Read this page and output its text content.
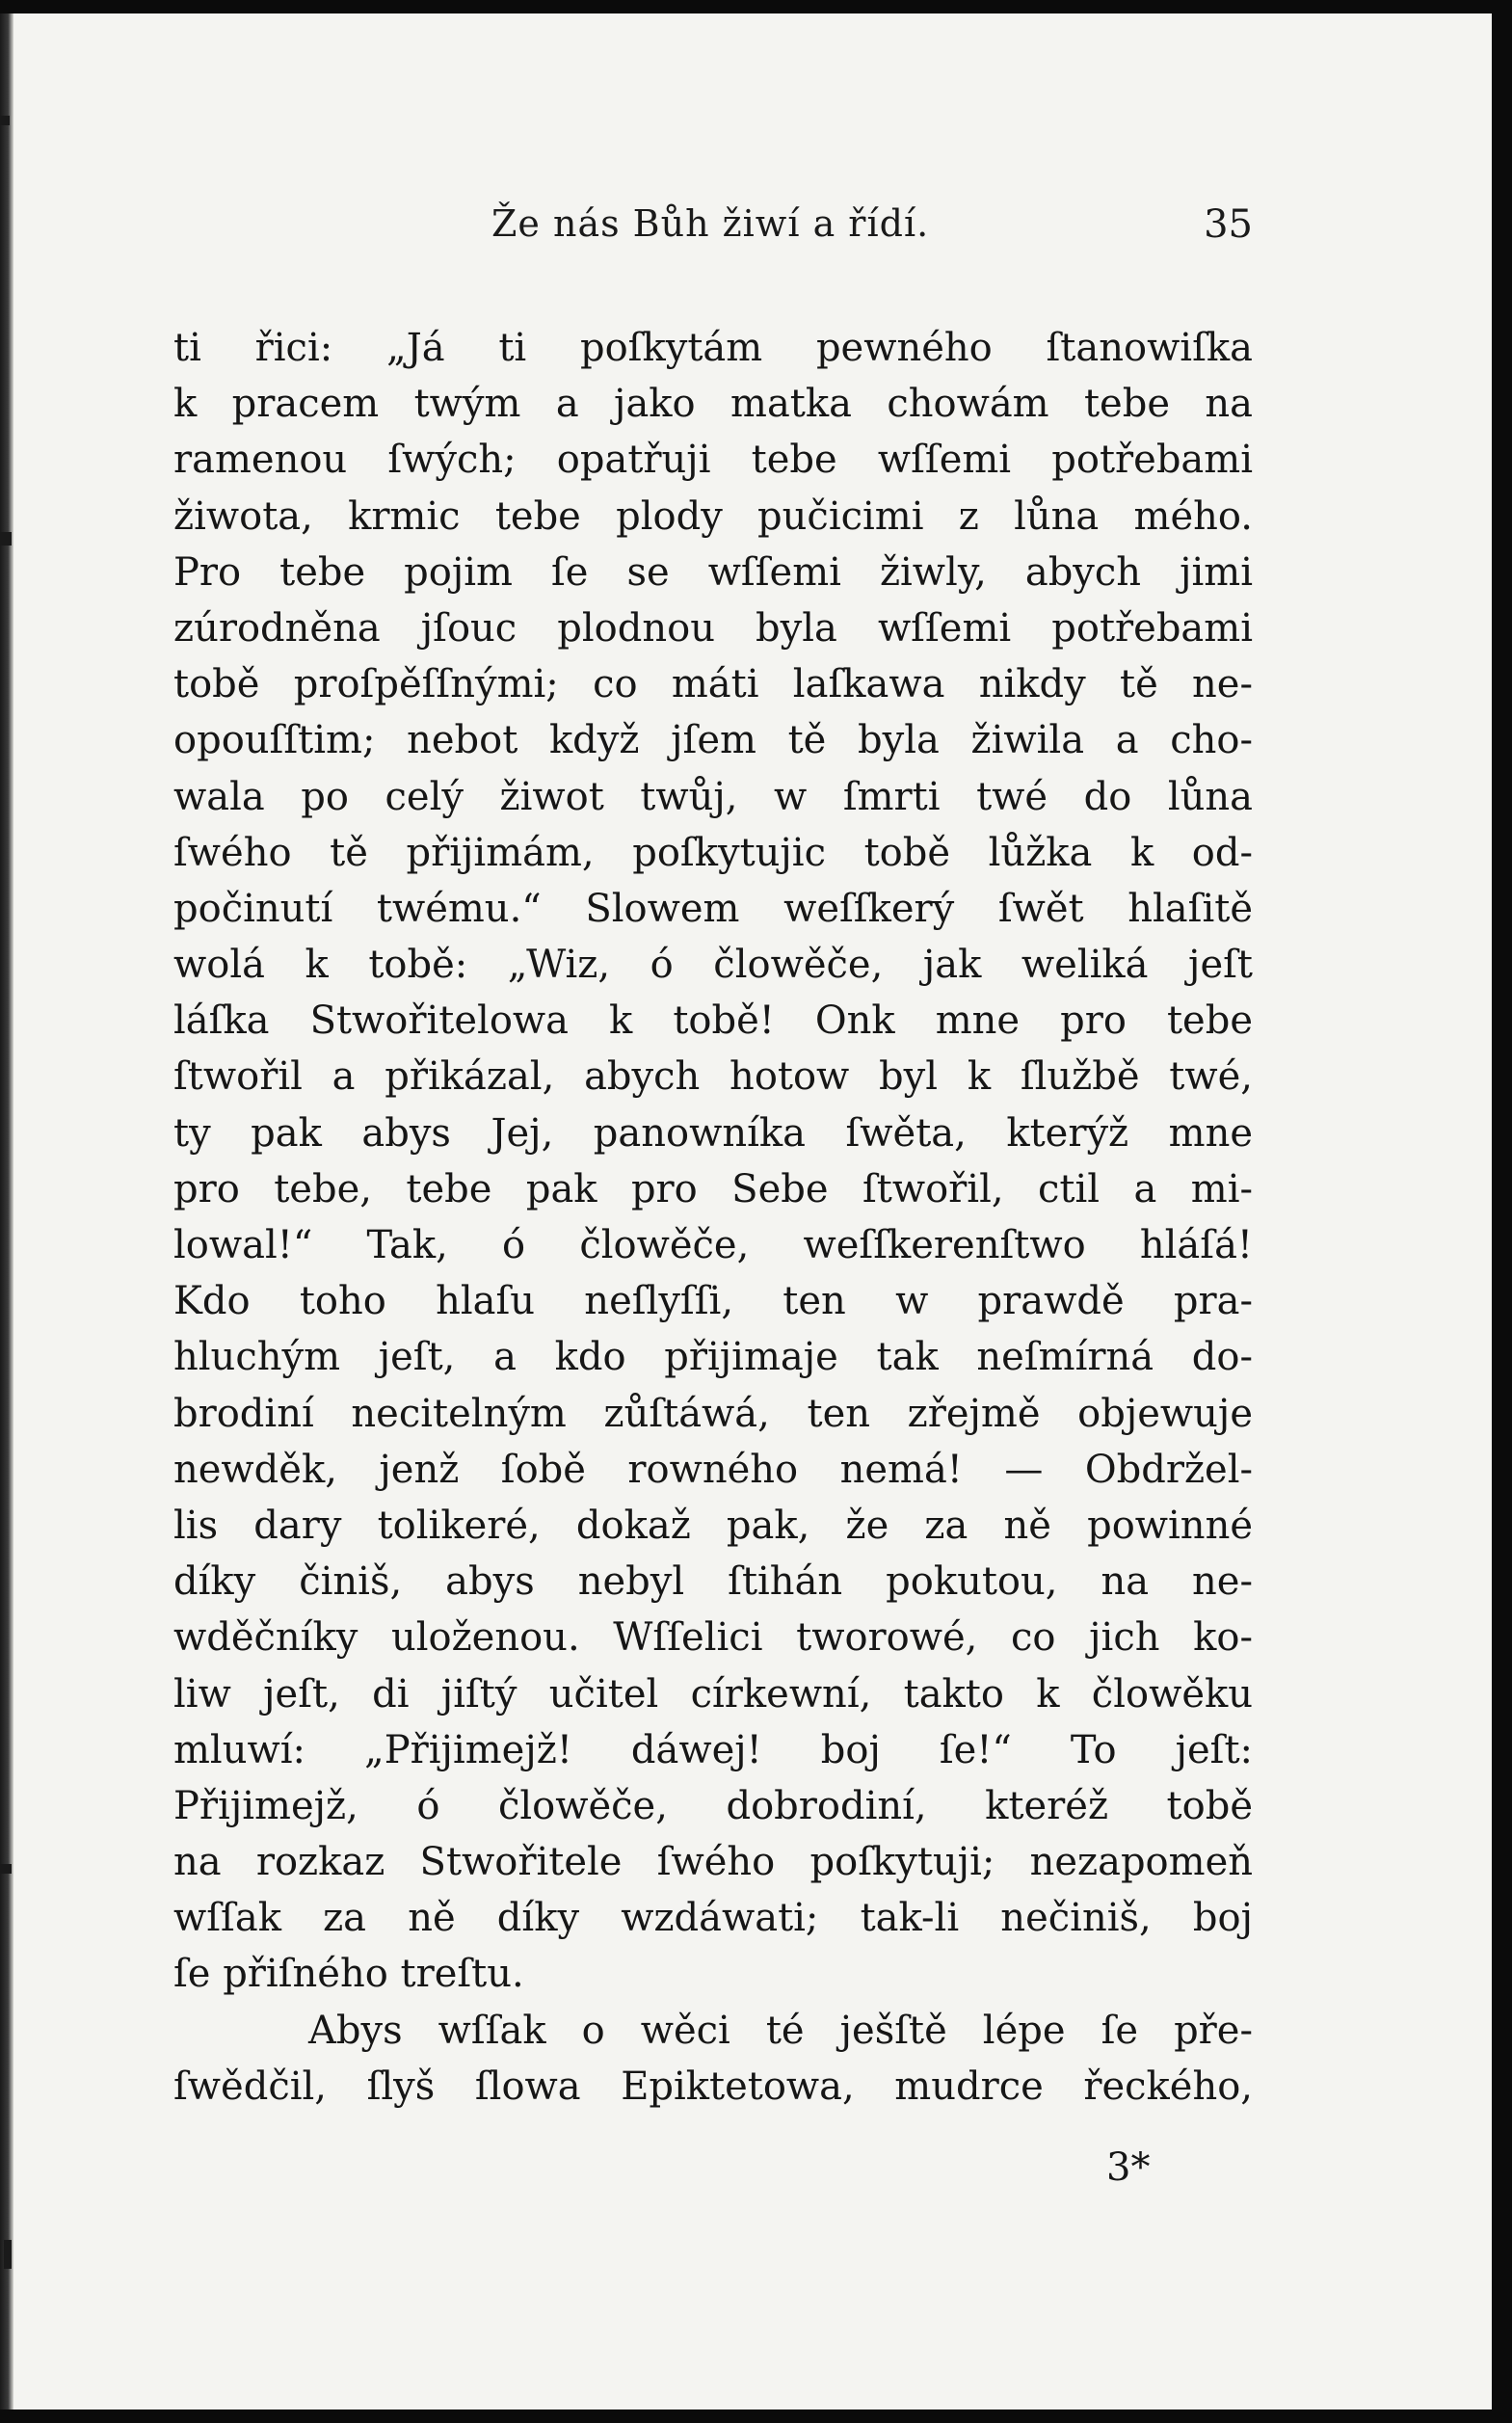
Že nás Bůh žiwí a řídí.	35
ti řici: „Já ti poſkytám pewného ſtanowiſka
k pracem twým a jako matka chowám tebe na
ramenou ſwých; opatřuji tebe wſſemi potřebami
žiwota, krmic tebe plody pučicimi z lůna mého.
Pro tebe pojim ſe se wſſemi žiwly, abych jimi
zúrodněna jſouc plodnou byla wſſemi potřebami
tobě proſpěſſnými; co máti laſkawa nikdy tě ne-
opouſſtim; nebot když jſem tě byla žiwila a cho-
wala po celý žiwot twůj, w ſmrti twé do lůna
ſwého tě přijimám, poſkytujic tobě lůžka k od-
počinutí twému.“ Slowem weſſkerý ſwět hlaſitě
wolá k tobě: „Wiz, ó člowěče, jak weliká jeſt
láſka Stwořitelowa k tobě! Onk mne pro tebe
ſtwořil a přikázal, abych hotow byl k ſlužbě twé,
ty pak abys Jej, panowníka ſwěta, kterýž mne
pro tebe, tebe pak pro Sebe ſtwořil, ctil a mi-
lowal!“ Tak, ó člowěče, weſſkerenſtwo hláſá!
Kdo toho hlaſu neſlyſſi, ten w prawdě pra-
hluchým jeſt, a kdo přijimaje tak neſmírná do-
brodiní necitelným zůſtáwá, ten zřejmě objewuje
newděk, jenž ſobě rowného nemá! — Obdržel-
lis dary tolikeré, dokaž pak, že za ně powinné
díky činiš, abys nebyl ſtihán pokutou, na ne-
wděčníky uloženou. Wſſelici tworowé, co jich ko-
liw jeſt, di jiſtý učitel církewní, takto k člowěku
mluwí: „Přijimejž! dáwej! boj ſe!“ To jeſt:
Přijimejž, ó člowěče, dobrodiní, kteréž tobě
na rozkaz Stwořitele ſwého poſkytuji; nezapomeň
wſſak za ně díky wzdáwati; tak-li nečiniš, boj
ſe přiſného treſtu.
Abys wſſak o wěci té ješſtě lépe ſe pře-
ſwědčil, ſlyš ſlowa Epiktetowa, mudrce řeckého,
3*
